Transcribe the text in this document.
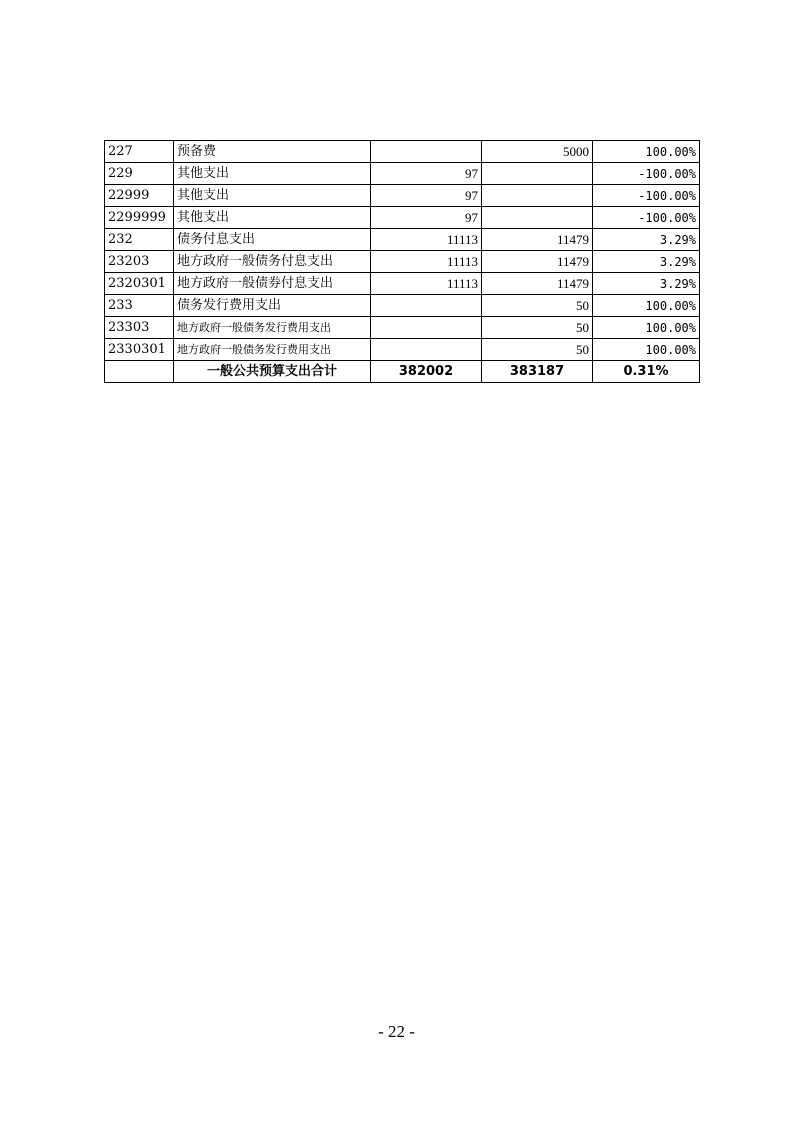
227	预备费		5000	100.00%
229	其他支出	97		-100.00%
22999	其他支出	97		-100.00%
2299999	其他支出	97		-100.00%
232	债务付息支出	11113	11479	3.29%
23203	地方政府一般债务付息支出	11113	11479	3.29%
2320301	地方政府一般债券付息支出	11113	11479	3.29%
233	债务发行费用支出		50	100.00%
23303	地方政府一般债务发行费用支出		50	100.00%
2330301	地方政府一般债务发行费用支出		50	100.00%
	一般公共预算支出合计	382002	383187	0.31%
- 22 -
